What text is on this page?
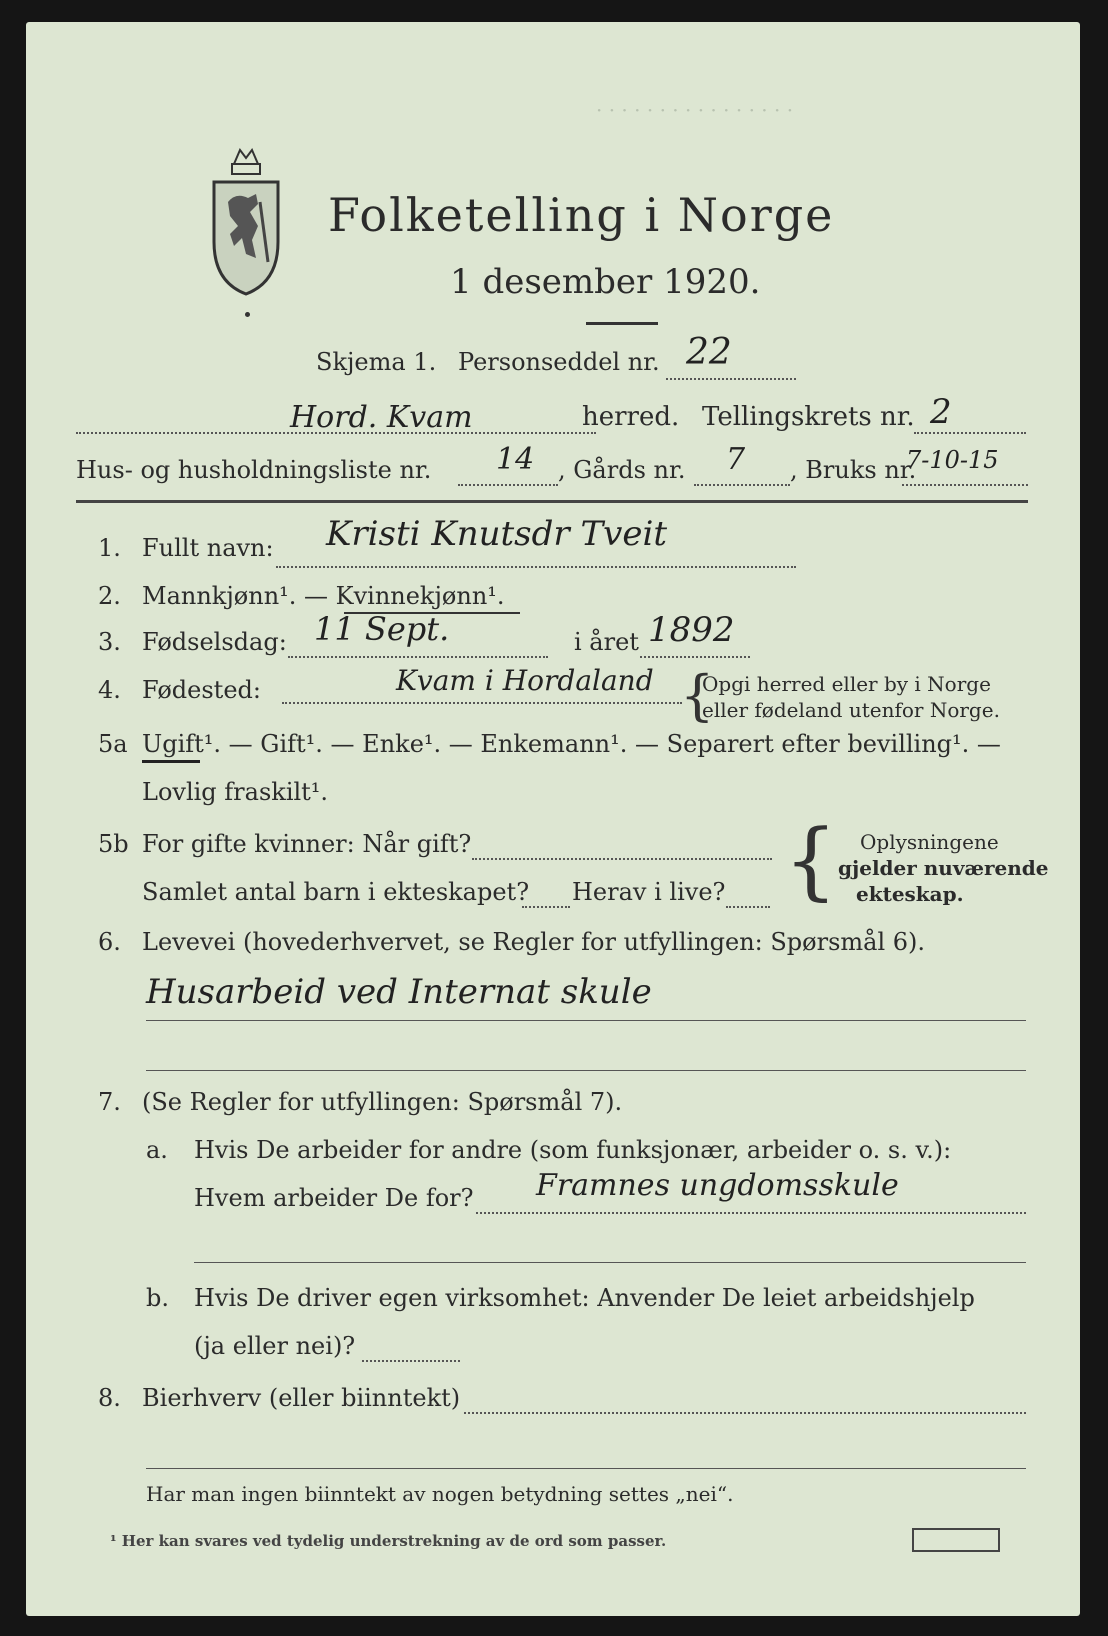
· · · · · · · · · · · · · · · ·
Folketelling i Norge
1 desember 1920.
Skjema 1. Personseddel nr. 22
Hord. Kvam	herred. Tellingskrets nr. 2
Hus- og husholdningsliste nr. 14 , Gårds nr. 7 , Bruks nr.
7-10-15
1. Fullt navn: Kristi Knutsdr Tveit
2. Mannkjønn¹. — Kvinnekjønn¹.
3. Fødselsdag: 11 Sept.	i året 1892
4. Fødested:	Kvam i Hordaland {
Opgi herred eller by i Norge
eller fødeland utenfor Norge.
5a Ugift¹. — Gift¹. — Enke¹. — Enkemann¹. — Separert efter bevilling¹. —
Lovlig fraskilt¹.
5b For gifte kvinner: Når gift?
Samlet antal barn i ekteskapet? Herav i live? { Oplysningene
gjelder nuværende
ekteskap.
6. Levevei (hovederhvervet, se Regler for utfyllingen: Spørsmål 6).
Husarbeid ved Internat skule
7. (Se Regler for utfyllingen: Spørsmål 7).
a. Hvis De arbeider for andre (som funksjonær, arbeider o. s. v.):
Hvem arbeider De for? Framnes ungdomsskule
b. Hvis De driver egen virksomhet: Anvender De leiet arbeidshjelp
(ja eller nei)?
8. Bierhverv (eller biinntekt)
Har man ingen biinntekt av nogen betydning settes „nei“.
¹ Her kan svares ved tydelig understrekning av de ord som passer.
